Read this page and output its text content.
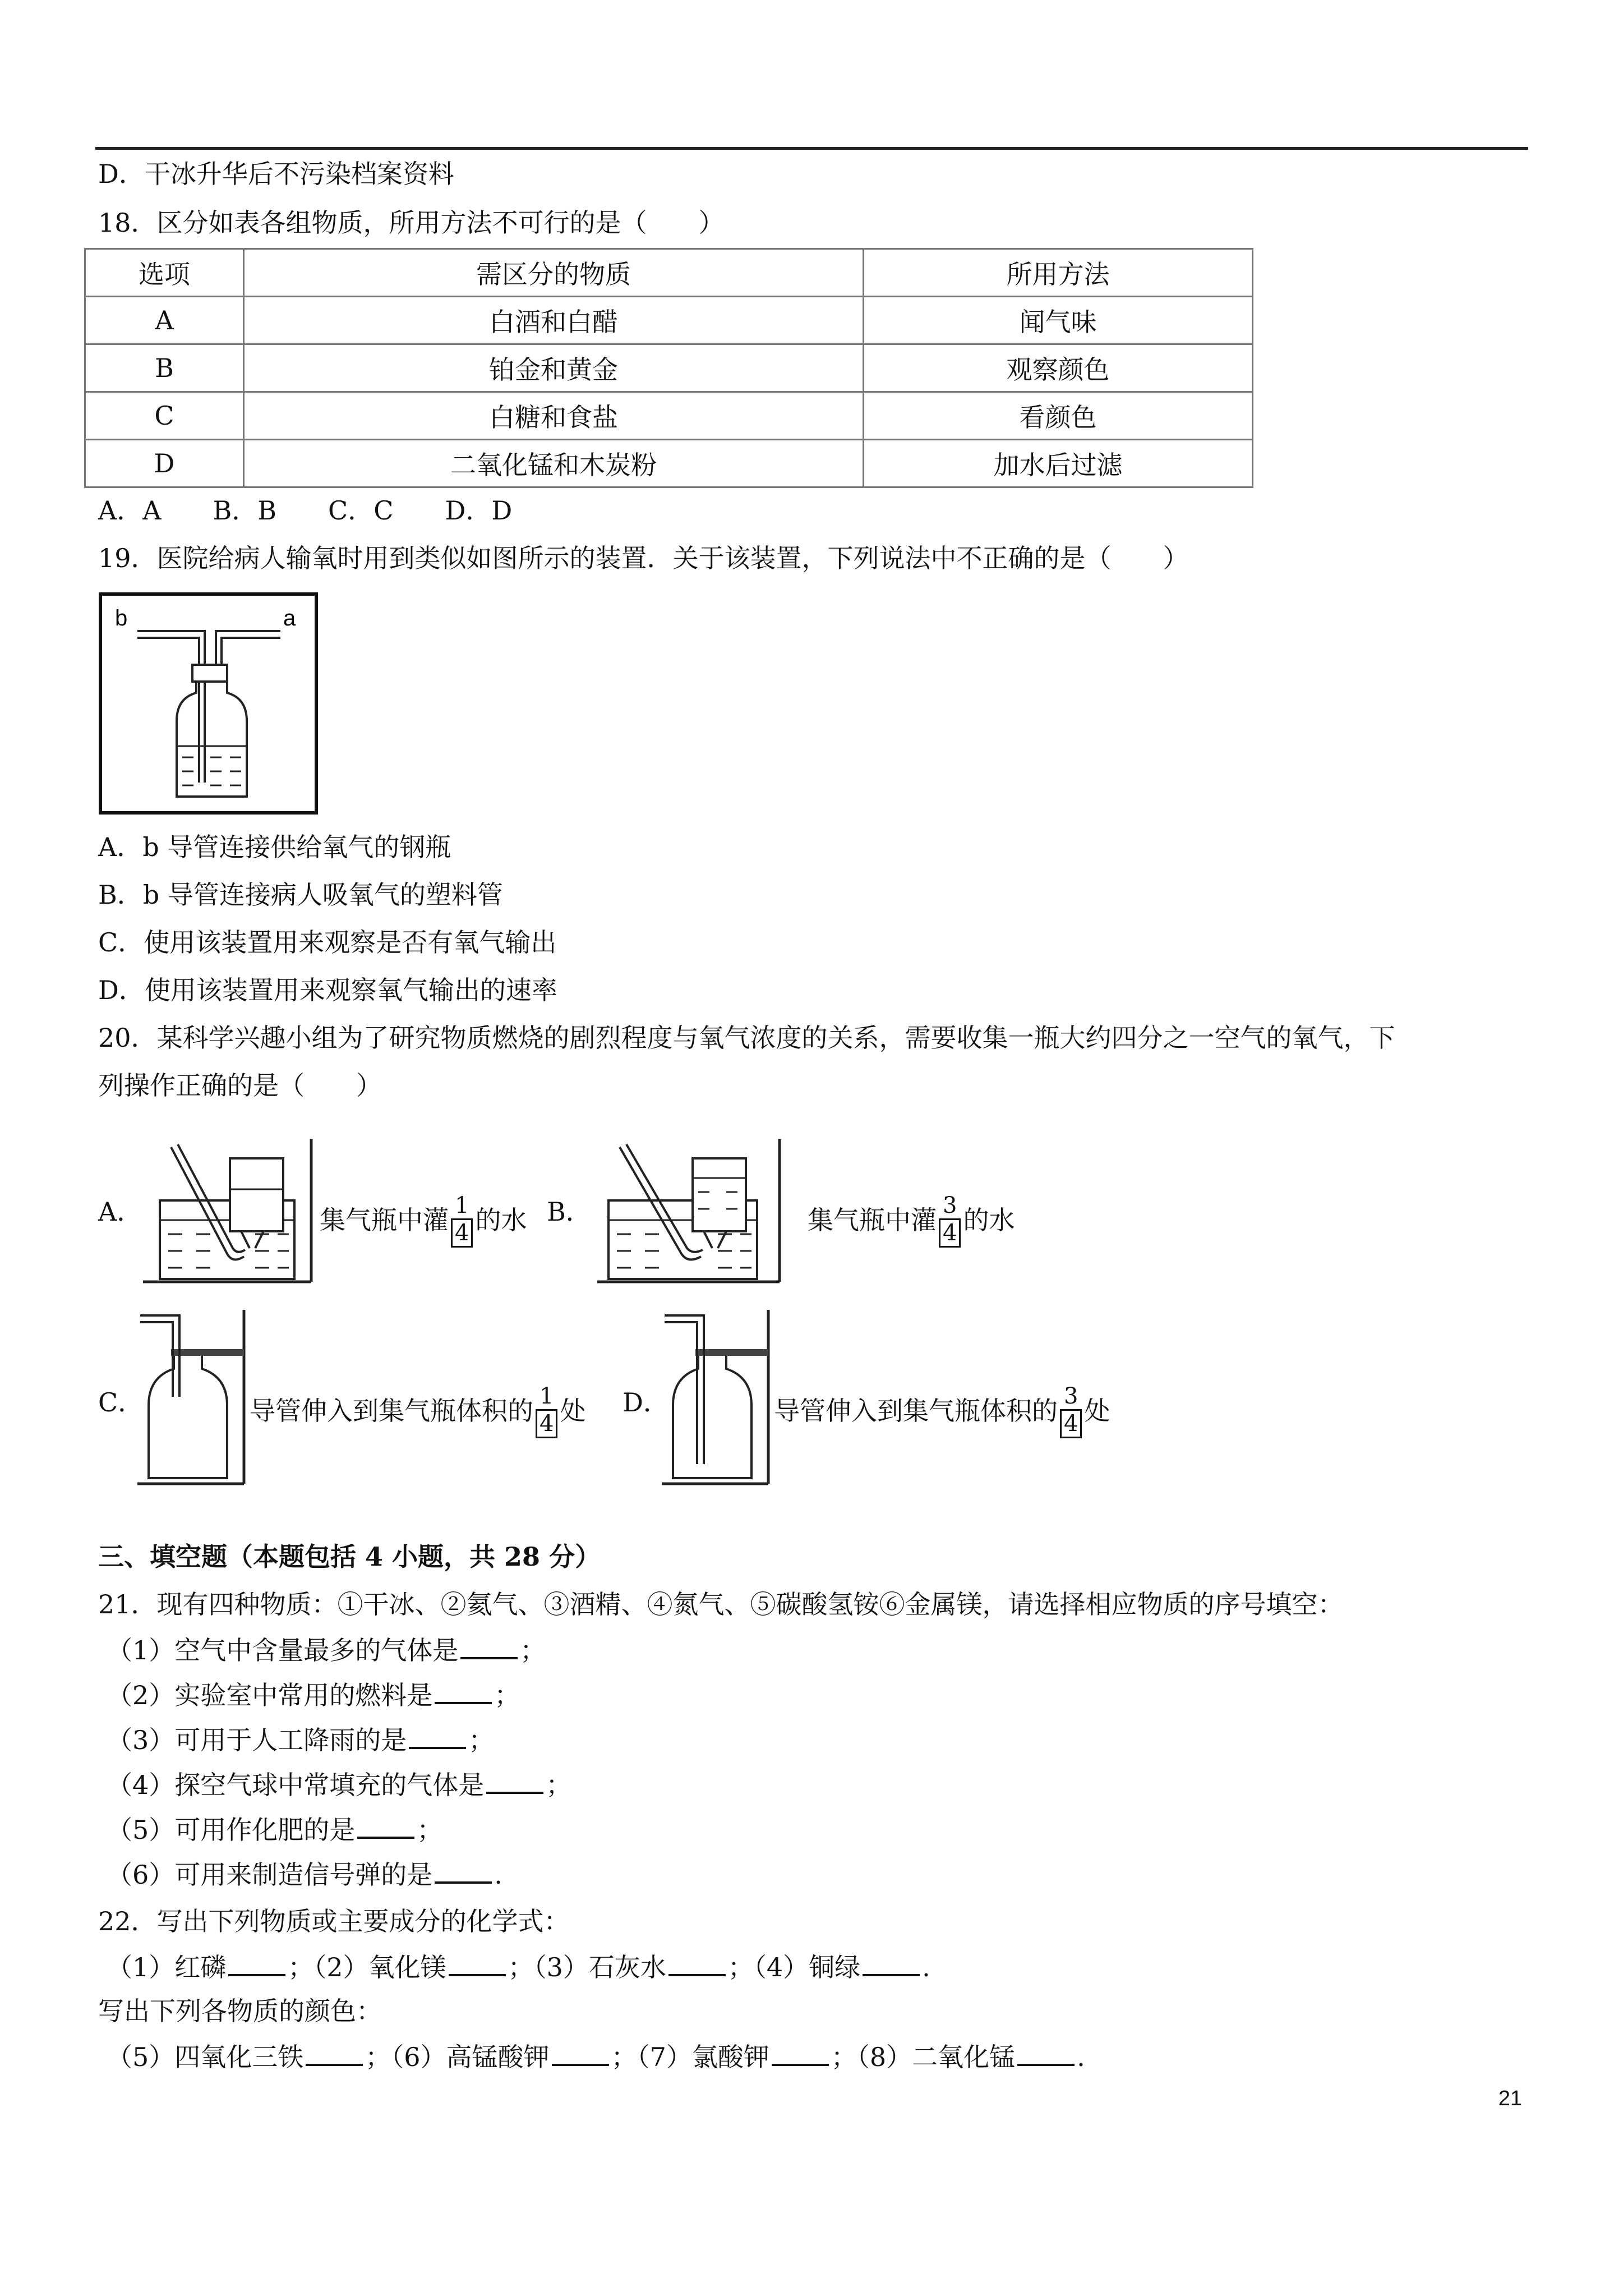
D．干冰升华后不污染档案资料
18．区分如表各组物质，所用方法不可行的是（　　）
选项	需区分的物质	所用方法
A	白酒和白醋	闻气味
B	铂金和黄金	观察颜色
C	白糖和食盐	看颜色
D	二氧化锰和木炭粉	加水后过滤
A．A　　B．B　　C．C　　D．D
19．医院给病人输氧时用到类似如图所示的装置．关于该装置，下列说法中不正确的是（　　）
b	a
A．b 导管连接供给氧气的钢瓶
B．b 导管连接病人吸氧气的塑料管
C．使用该装置用来观察是否有氧气输出
D．使用该装置用来观察氧气输出的速率
20．某科学兴趣小组为了研究物质燃烧的剧烈程度与氧气浓度的关系，需要收集一瓶大约四分之一空气的氧气，下
列操作正确的是（　　）
A．	集气瓶中灌 $\frac{1}{4}$ 的水 B．	集气瓶中灌 $\frac{3}{4}$ 的水
C．	导管伸入到集气瓶体积的 $\frac{1}{4}$ 处 D．	导管伸入到集气瓶体积的 $\frac{3}{4}$ 处
三、填空题（本题包括 4 小题，共 28 分）
21．现有四种物质：①干冰、②氦气、③酒精、④氮气、⑤碳酸氢铵⑥金属镁，请选择相应物质的序号填空：
（1）空气中含量最多的气体是 ；
（2）实验室中常用的燃料是 ；
（3）可用于人工降雨的是 ；
（4）探空气球中常填充的气体是 ；
（5）可用作化肥的是 ；
（6）可用来制造信号弹的是 .
22．写出下列物质或主要成分的化学式：
（1）红磷 ；（2）氧化镁 ；（3）石灰水 ；（4）铜绿 .
写出下列各物质的颜色：
（5）四氧化三铁 ；（6）高锰酸钾 ；（7）氯酸钾 ；（8）二氧化锰 .
21
